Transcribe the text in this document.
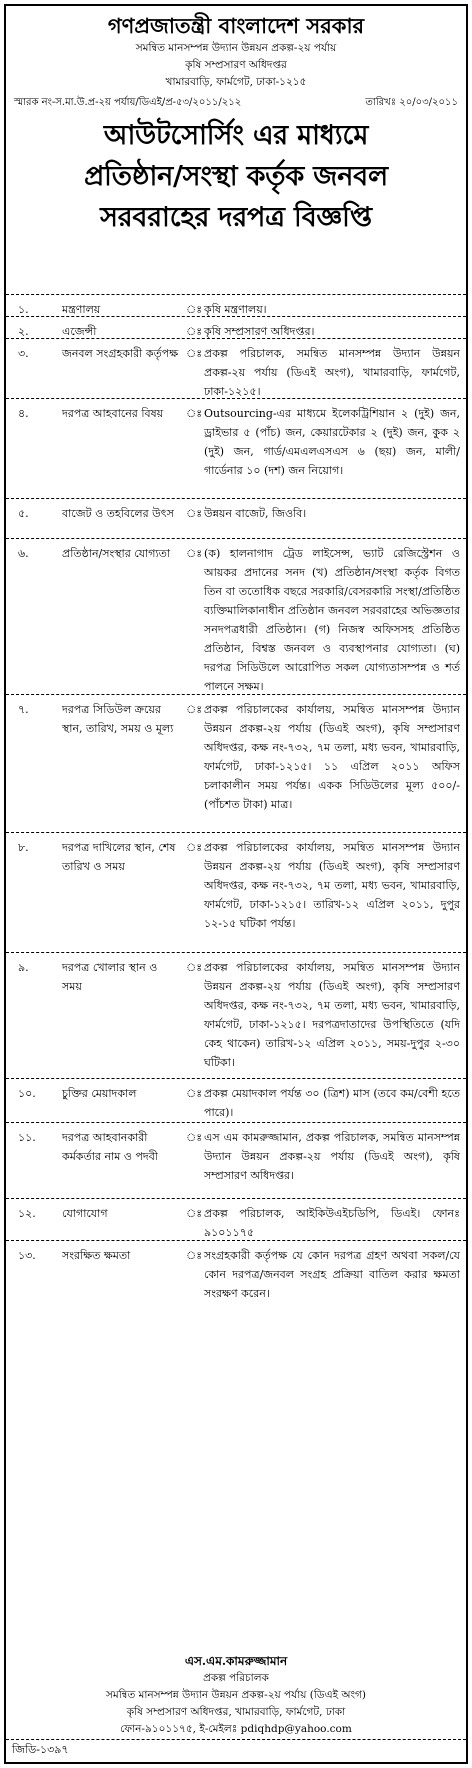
গণপ্রজাতন্ত্রী বাংলাদেশ সরকার
সমন্বিত মানসম্পন্ন উদ্যান উন্নয়ন প্রকল্প-২য় পর্যায়
কৃষি সম্প্রসারণ অধিদপ্তর
খামারবাড়ি, ফার্মগেট, ঢাকা-১২১৫
স্মারক নং-স.মা.উ.প্র-২য় পর্যায়/ডিএই/প্র-৫৩/২০১১/২১২	তারিখঃ ২০/০৩/২০১১
আউটসোর্সিং এর মাধ্যমে
প্রতিষ্ঠান/সংস্থা কর্তৃক জনবল
সরবরাহের দরপত্র বিজ্ঞপ্তি
১.	মন্ত্রণালয়	ঃ কৃষি মন্ত্রণালয়।
২.	এজেন্সী	ঃ কৃষি সম্প্রসারণ অধিদপ্তর।
৩.	জনবল সংগ্রহকারী কর্তৃপক্ষ ঃ প্রকল্প পরিচালক, সমন্বিত মানসম্পন্ন উদ্যান উন্নয়ন প্রকল্প-২য় পর্যায় (ডিএই অংগ), খামারবাড়ি, ফার্মগেট, ঢাকা-১২১৫।
৪.	দরপত্র আহবানের বিষয়	ঃ Outsourcing-এর মাধ্যমে ইলেকট্রিশিয়ান ২ (দুই) জন, ড্রাইভার ৫ (পাঁচ) জন, কেয়ারটেকার ২ (দুই) জন, কুক ২ (দুই) জন, গার্ড/এমএলএসএস ৬ (ছয়) জন, মালী/গার্ডেনার ১০ (দশ) জন নিয়োগ।
৫.	বাজেট ও তহবিলের উৎস	ঃ উন্নয়ন বাজেট, জিওবি।
৬.	প্রতিষ্ঠান/সংস্থার যোগ্যতা	ঃ (ক) হালনাগাদ ট্রেড লাইসেন্স, ভ্যাট রেজিস্ট্রেশন ও আয়কর প্রদানের সনদ (খ) প্রতিষ্ঠান/সংস্থা কর্তৃক বিগত তিন বা ততোধিক বছরে সরকারি/বেসরকারি সংস্থা/প্রতিষ্ঠিত ব্যক্তিমালিকানাধীন প্রতিষ্ঠান জনবল সরবরাহের অভিজ্ঞতার সনদপত্রধারী প্রতিষ্ঠান। (গ) নিজস্ব অফিসসহ প্রতিষ্ঠিত প্রতিষ্ঠান, বিশ্বস্ত জনবল ও ব্যবস্থাপনার যোগ্যতা। (ঘ) দরপত্র সিডিউলে আরোপিত সকল যোগ্যতাসম্পন্ন ও শর্ত পালনে সক্ষম।
৭.	দরপত্র সিডিউল ক্রয়ের স্থান, তারিখ, সময় ও মূল্য
ঃ প্রকল্প পরিচালকের কার্যালয়, সমন্বিত মানসম্পন্ন উদ্যান উন্নয়ন প্রকল্প-২য় পর্যায় (ডিএই অংগ), কৃষি সম্প্রসারণ অধিদপ্তর, কক্ষ নং-৭৩২, ৭ম তলা, মধ্য ভবন, খামারবাড়ি, ফার্মগেট, ঢাকা-১২১৫। ১১ এপ্রিল ২০১১ অফিস চলাকালীন সময় পর্যন্ত। একক সিডিউলের মূল্য ৫০০/- (পাঁচশত টাকা) মাত্র।
৮.	দরপত্র দাখিলের স্থান, শেষ তারিখ ও সময়
ঃ প্রকল্প পরিচালকের কার্যালয়, সমন্বিত মানসম্পন্ন উদ্যান উন্নয়ন প্রকল্প-২য় পর্যায় (ডিএই অংগ), কৃষি সম্প্রসারণ অধিদপ্তর, কক্ষ নং-৭৩২, ৭ম তলা, মধ্য ভবন, খামারবাড়ি, ফার্মগেট, ঢাকা-১২১৫। তারিখ-১২ এপ্রিল ২০১১, দুপুর ১২-১৫ ঘটিকা পর্যন্ত।
৯.	দরপত্র খোলার স্থান ও সময়
ঃ প্রকল্প পরিচালকের কার্যালয়, সমন্বিত মানসম্পন্ন উদ্যান উন্নয়ন প্রকল্প-২য় পর্যায় (ডিএই অংগ), কৃষি সম্প্রসারণ অধিদপ্তর, কক্ষ নং-৭৩২, ৭ম তলা, মধ্য ভবন, খামারবাড়ি, ফার্মগেট, ঢাকা-১২১৫। দরপত্রদাতাদের উপস্থিতিতে (যদি কেহ থাকেন) তারিখ-১২ এপ্রিল ২০১১, সময়-দুপুর ২-৩০ ঘটিকা।
১০.	চুক্তির মেয়াদকাল	ঃ প্রকল্প মেয়াদকাল পর্যন্ত ৩০ (ত্রিশ) মাস (তবে কম/বেশী হতে পারে)।
১১.	দরপত্র আহবানকারী কর্মকর্তার নাম ও পদবী
ঃ এস এম কামরুজ্জামান, প্রকল্প পরিচালক, সমন্বিত মানসম্পন্ন উদ্যান উন্নয়ন প্রকল্প-২য় পর্যায় (ডিএই অংগ), কৃষি সম্প্রসারণ অধিদপ্তর।
১২.	যোগাযোগ	ঃ প্রকল্প পরিচালক, আইকিউএইচডিপি, ডিএই। ফোনঃ ৯১০১১৭৫
১৩.	সংরক্ষিত ক্ষমতা	ঃ সংগ্রহকারী কর্তৃপক্ষ যে কোন দরপত্র গ্রহণ অথবা সকল/যে কোন দরপত্র/জনবল সংগ্রহ প্রক্রিয়া বাতিল করার ক্ষমতা সংরক্ষণ করেন।
এস.এম.কামরুজ্জামান
প্রকল্প পরিচালক
সমন্বিত মানসম্পন্ন উদ্যান উন্নয়ন প্রকল্প-২য় পর্যায় (ডিএই অংগ)
কৃষি সম্প্রসারণ অধিদপ্তর, খামারবাড়ি, ফার্মগেট, ঢাকা
ফোন-৯১০১১৭৫, ই-মেইলঃ pdiqhdp@yahoo.com
জিডি-১৩৯৭
